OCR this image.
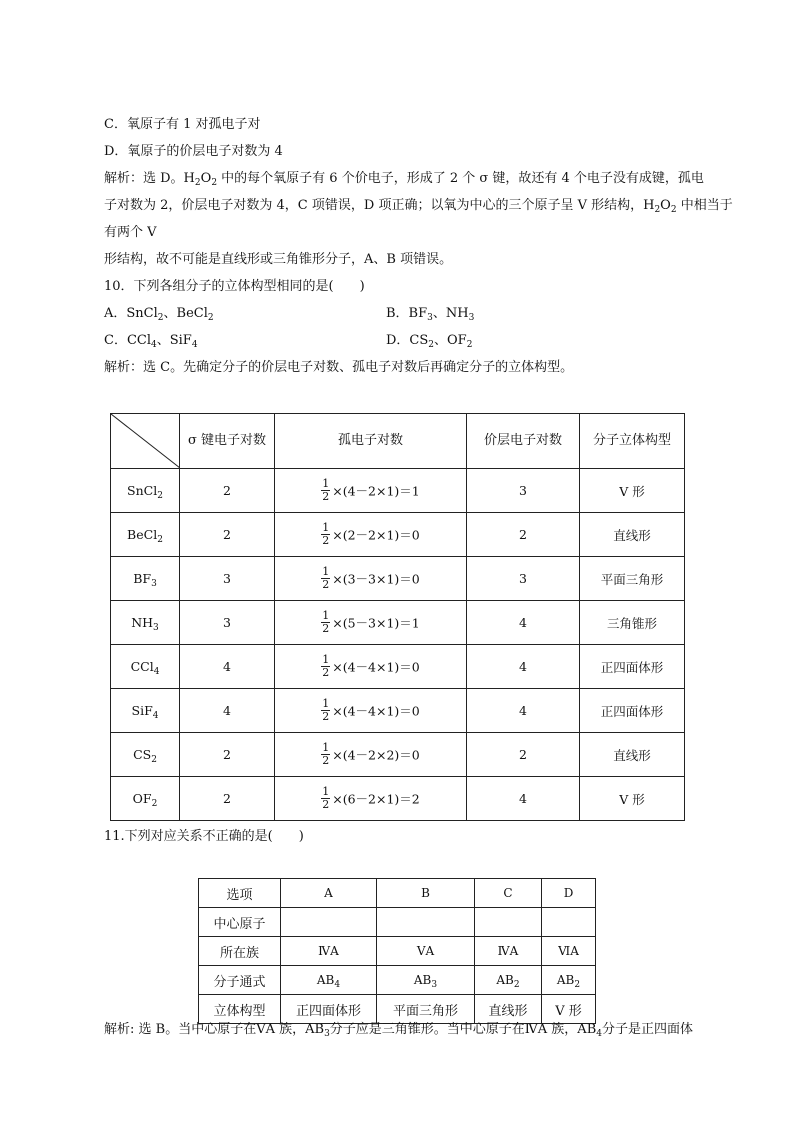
C．氧原子有 1 对孤电子对
D．氧原子的价层电子对数为 4
解析：选 D。$H_2O_2$ 中的每个氧原子有 6 个价电子，形成了 2 个 σ 键，故还有 4 个电子没有成键，孤电
子对数为 2，价层电子对数为 4，C 项错误，D 项正确；以氧为中心的三个原子呈 V 形结构，$H_2O_2$ 中相当于
有两个 V
形结构，故不可能是直线形或三角锥形分子，A、B 项错误。
10．下列各组分子的立体构型相同的是(　　)
A．SnCl$_2$、BeCl$_2$	B．$BF_3$、$NH_3$
C．CCl$_4$、SiF$_4$	D．$CS_2$、$OF_2$
解析：选 C。先确定分子的价层电子对数、孤电子对数后再确定分子的立体构型。
	σ 键电子对数	孤电子对数	价层电子对数	分子立体构型
SnCl$_2$	2	$\frac{1}{2} \times(4-2\times 1)=1$	3	V 形
BeCl$_2$	2	$\frac{1}{2} \times(2-2\times 1)=0$	2	直线形
$BF_3$	3	$\frac{1}{2} \times(3-3\times 1)=0$	3	平面三角形
$NH_3$	3	$\frac{1}{2} \times(5-3\times 1)=1$	4	三角锥形
CCl$_4$	4	$\frac{1}{2} \times(4-4\times 1)=0$	4	正四面体形
SiF$_4$	4	$\frac{1}{2} \times(4-4\times 1)=0$	4	正四面体形
$CS_2$	2	$\frac{1}{2} \times(4-2\times 2)=0$	2	直线形
$OF_2$	2	$\frac{1}{2} \times(6-2\times 1)=2$	4	V 形
11.下列对应关系不正确的是(　　)
选项	A	B	C	D
中心原子				
所在族	ⅣA	ⅤA	ⅣA	ⅥA
分子通式	$AB_4$	$AB_3$	$AB_2$	$AB_2$
立体构型	正四面体形	平面三角形	直线形	V 形
解析: 选 B。当中心原子在ⅤA 族，$AB_3$分子应是三角锥形。当中心原子在ⅣA 族，$AB_4$分子是正四面体
